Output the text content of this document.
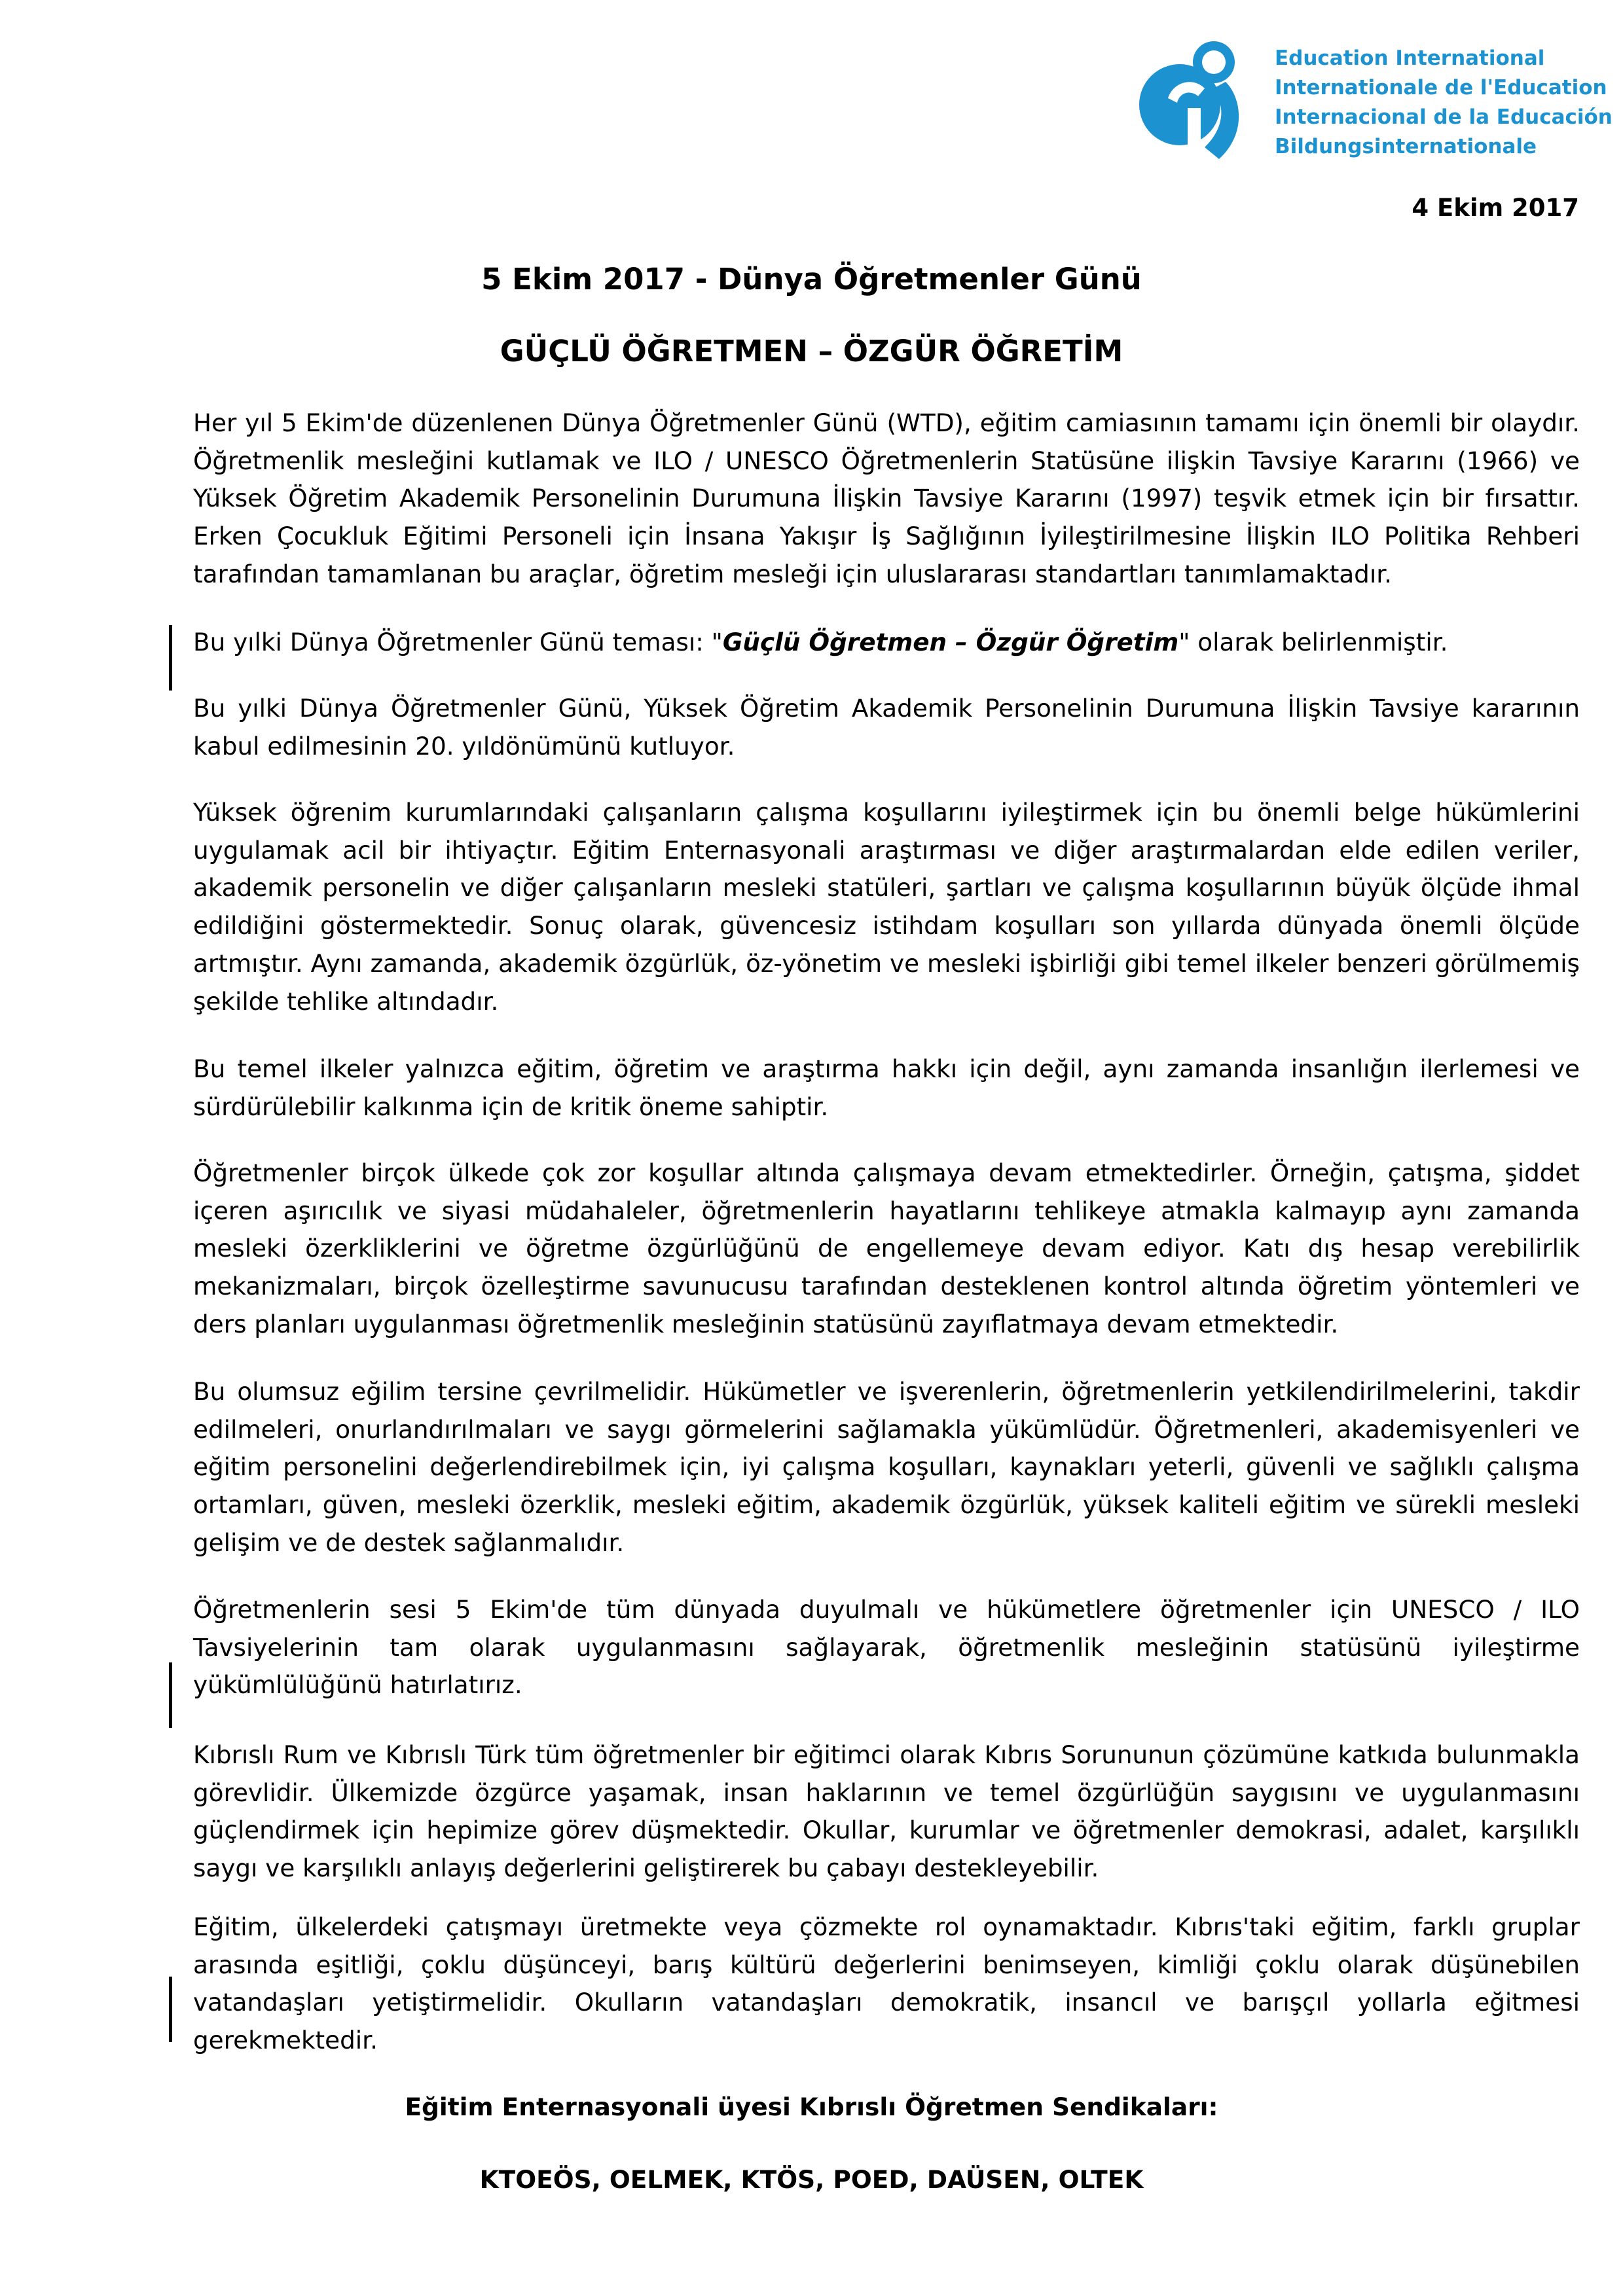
Education International
Internationale de l'Education
Internacional de la Educación
Bildungsinternationale
4 Ekim 2017
5 Ekim 2017 - Dünya Öğretmenler Günü
GÜÇLÜ ÖĞRETMEN – ÖZGÜR ÖĞRETİM

Her yıl 5 Ekim'de düzenlenen Dünya Öğretmenler Günü (WTD), eğitim camiasının tamamı için önemli bir olaydır. Öğretmenlik mesleğini kutlamak ve ILO / UNESCO Öğretmenlerin Statüsüne ilişkin Tavsiye Kararını (1966) ve Yüksek Öğretim Akademik Personelinin Durumuna İlişkin Tavsiye Kararını (1997) teşvik etmek için bir fırsattır. Erken Çocukluk Eğitimi Personeli için İnsana Yakışır İş Sağlığının İyileştirilmesine İlişkin ILO Politika Rehberi tarafından tamamlanan bu araçlar, öğretim mesleği için uluslararası standartları tanımlamaktadır.

Bu yılki Dünya Öğretmenler Günü teması: "Güçlü Öğretmen – Özgür Öğretim" olarak belirlenmiştir.

Bu yılki Dünya Öğretmenler Günü, Yüksek Öğretim Akademik Personelinin Durumuna İlişkin Tavsiye kararının kabul edilmesinin 20. yıldönümünü kutluyor.

Yüksek öğrenim kurumlarındaki çalışanların çalışma koşullarını iyileştirmek için bu önemli belge hükümlerini uygulamak acil bir ihtiyaçtır. Eğitim Enternasyonali araştırması ve diğer araştırmalardan elde edilen veriler, akademik personelin ve diğer çalışanların mesleki statüleri, şartları ve çalışma koşullarının büyük ölçüde ihmal edildiğini göstermektedir. Sonuç olarak, güvencesiz istihdam koşulları son yıllarda dünyada önemli ölçüde artmıştır. Aynı zamanda, akademik özgürlük, öz-yönetim ve mesleki işbirliği gibi temel ilkeler benzeri görülmemiş şekilde tehlike altındadır.

Bu temel ilkeler yalnızca eğitim, öğretim ve araştırma hakkı için değil, aynı zamanda insanlığın ilerlemesi ve sürdürülebilir kalkınma için de kritik öneme sahiptir.

Öğretmenler birçok ülkede çok zor koşullar altında çalışmaya devam etmektedirler. Örneğin, çatışma, şiddet içeren aşırıcılık ve siyasi müdahaleler, öğretmenlerin hayatlarını tehlikeye atmakla kalmayıp aynı zamanda mesleki özerkliklerini ve öğretme özgürlüğünü de engellemeye devam ediyor. Katı dış hesap verebilirlik mekanizmaları, birçok özelleştirme savunucusu tarafından desteklenen kontrol altında öğretim yöntemleri ve ders planları uygulanması öğretmenlik mesleğinin statüsünü zayıflatmaya devam etmektedir.

Bu olumsuz eğilim tersine çevrilmelidir. Hükümetler ve işverenlerin, öğretmenlerin yetkilendirilmelerini, takdir edilmeleri, onurlandırılmaları ve saygı görmelerini sağlamakla yükümlüdür. Öğretmenleri, akademisyenleri ve eğitim personelini değerlendirebilmek için, iyi çalışma koşulları, kaynakları yeterli, güvenli ve sağlıklı çalışma ortamları, güven, mesleki özerklik, mesleki eğitim, akademik özgürlük, yüksek kaliteli eğitim ve sürekli mesleki gelişim ve de destek sağlanmalıdır.

Öğretmenlerin sesi 5 Ekim'de tüm dünyada duyulmalı ve hükümetlere öğretmenler için UNESCO / ILO Tavsiyelerinin tam olarak uygulanmasını sağlayarak, öğretmenlik mesleğinin statüsünü iyileştirme yükümlülüğünü hatırlatırız.

Kıbrıslı Rum ve Kıbrıslı Türk tüm öğretmenler bir eğitimci olarak Kıbrıs Sorununun çözümüne katkıda bulunmakla görevlidir. Ülkemizde özgürce yaşamak, insan haklarının ve temel özgürlüğün saygısını ve uygulanmasını güçlendirmek için hepimize görev düşmektedir. Okullar, kurumlar ve öğretmenler demokrasi, adalet, karşılıklı saygı ve karşılıklı anlayış değerlerini geliştirerek bu çabayı destekleyebilir.

Eğitim, ülkelerdeki çatışmayı üretmekte veya çözmekte rol oynamaktadır. Kıbrıs'taki eğitim, farklı gruplar arasında eşitliği, çoklu düşünceyi, barış kültürü değerlerini benimseyen, kimliği çoklu olarak düşünebilen vatandaşları yetiştirmelidir. Okulların vatandaşları demokratik, insancıl ve barışçıl yollarla eğitmesi gerekmektedir.

Eğitim Enternasyonali üyesi Kıbrıslı Öğretmen Sendikaları:
KTOEÖS, OELMEK, KTÖS, POED, DAÜSEN, OLTEK
